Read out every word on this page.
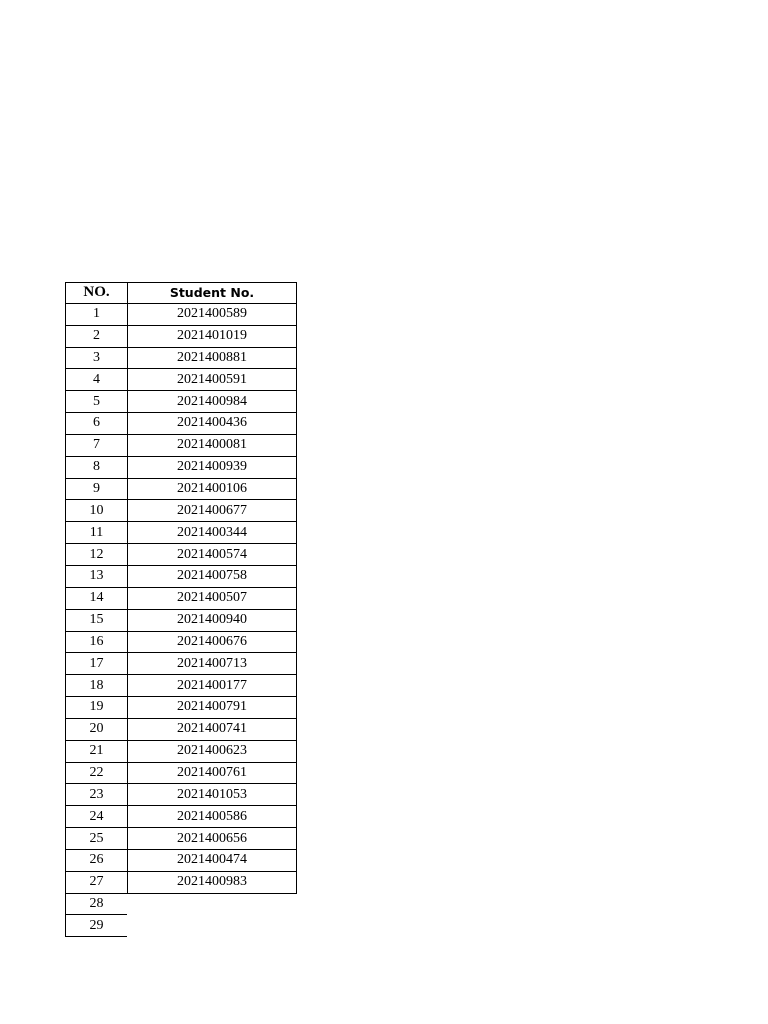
NO.	Student No.
1	2021400589
2	2021401019
3	2021400881
4	2021400591
5	2021400984
6	2021400436
7	2021400081
8	2021400939
9	2021400106
10	2021400677
11	2021400344
12	2021400574
13	2021400758
14	2021400507
15	2021400940
16	2021400676
17	2021400713
18	2021400177
19	2021400791
20	2021400741
21	2021400623
22	2021400761
23	2021401053
24	2021400586
25	2021400656
26	2021400474
27	2021400983
28
29
